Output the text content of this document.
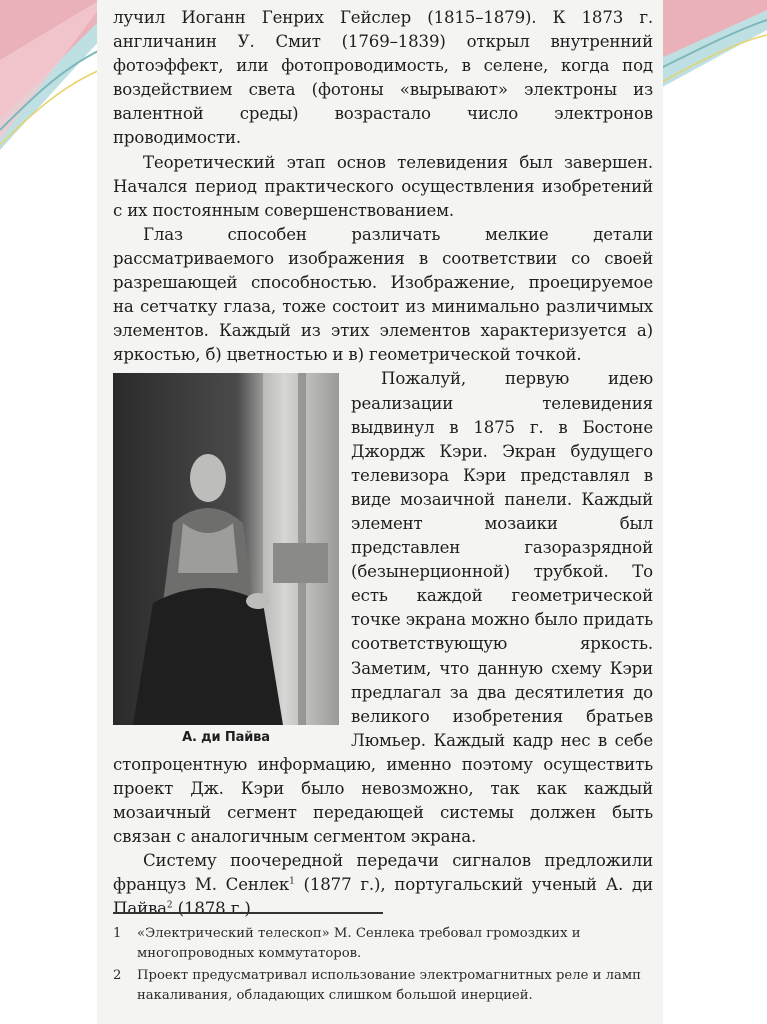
лучил Иоганн Генрих Гейслер (1815–1879). К 1873 г. англичанин У. Смит (1769–1839) открыл внутренний фотоэффект, или фотопроводимость, в селене, когда под воздействием света (фотоны «вырывают» электроны из валентной среды) возрастало число электронов проводимости.

Теоретический этап основ телевидения был завершен. Начался период практического осуществления изобретений с их постоянным совершенствованием.

Глаз способен различать мелкие детали рассматриваемого изображения в соответствии со своей разрешающей способностью. Изображение, проецируемое на сетчатку глаза, тоже состоит из минимально различимых элементов. Каждый из этих элементов характеризуется а) яркостью, б) цветностью и в) геометрической точкой.

А. ди Пайва

Пожалуй, первую идею реализации телевидения выдвинул в 1875 г. в Бостоне Джордж Кэри. Экран будущего телевизора Кэри представлял в виде мозаичной панели. Каждый элемент мозаики был представлен газоразрядной (безынерционной) трубкой. То есть каждой геометрической точке экрана можно было придать соответствующую яркость. Заметим, что данную схему Кэри предлагал за два десятилетия до великого изобретения братьев Люмьер. Каждый кадр нес в себе стопроцентную информацию, именно поэтому осуществить проект Дж. Кэри было невозможно, так как каждый мозаичный сегмент передающей системы должен быть связан с аналогичным сегментом экрана.

Систему поочередной передачи сигналов предложили француз М. Сенлек$^1$ (1877 г.), португальский ученый А. ди Пайва$^2$ (1878 г.)

1	«Электрический телескоп» М. Сенлека требовал громоздких и многопроводных коммутаторов.
2	Проект предусматривал использование электромагнитных реле и ламп накаливания, обладающих слишком большой инерцией.
